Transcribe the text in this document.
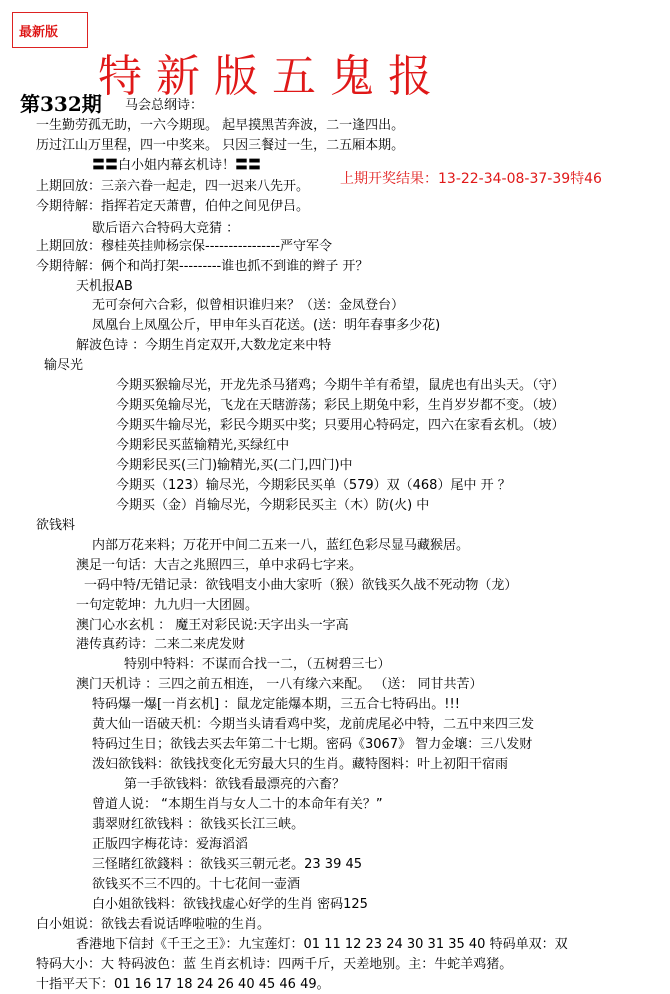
最新版
特新版五鬼报
第332期
上期开奖结果：13-22-34-08-37-39特46
马会总纲诗：
一生勤劳孤无助，一六今期现。 起早摸黑苦奔波，二一逢四出。
历过江山万里程，四一中奖来。 只因三餐过一生，二五厢本期。
〓〓白小姐内幕玄机诗！〓〓
上期回放：三亲六眷一起走，四一迟来八先开。
今期待解：指挥若定天萧曹，伯仲之间见伊吕。
歇后语六合特码大竞猜 ：
上期回放：穆桂英挂帅杨宗保----------------严守军令
今期待解：俩个和尚打架---------谁也抓不到谁的辫子 开？
天机报AB
无可奈何六合彩，似曾相识谁归来？（送：金凤登台）
凤凰台上凤凰公斤，甲申年头百花送。(送：明年春事多少花)
解波色诗 ：今期生肖定双开,大数龙定来中特
输尽光
今期买猴输尽光，开龙先杀马猪鸡；今期牛羊有希望，鼠虎也有出头天。（守）
今期买兔输尽光，飞龙在天瞎游荡；彩民上期兔中彩，生肖岁岁都不变。（坡）
今期买牛输尽光，彩民今期买中奖；只要用心特码定，四六在家看玄机。（坡）
今期彩民买蓝输精光,买绿红中
今期彩民买(三门)输精光,买(二门,四门)中
今期买（123）输尽光，今期彩民买单（579）双（468）尾中 开 ？
今期买（金）肖输尽光，今期彩民买主（木）防(火) 中
欲钱料
内部万花来料；万花开中间二五来一八，蓝红色彩尽显马藏猴居。
澳足一句话：大吉之兆照四三，单中求码七字来。
一码中特/无错记录：欲钱唱支小曲大家听（猴）欲钱买久战不死动物（龙）
一句定乾坤：九九归一大团圆。
澳门心水玄机 ： 魔王对彩民说:天字出头一字高
港传真药诗：二来二来虎发财
特别中特料：不谋而合找一二，（五树碧三七）
澳门天机诗 ：三四之前五相连， 一八有缘六来配。 （送： 同甘共苦）
特码爆一爆[一肖玄机] ：鼠龙定能爆本期，三五合七特码出。!!!
黄大仙一语破天机：今期当头请看鸡中奖，龙前虎尾必中特，二五中来四三发
特码过生日；欲钱去买去年第二十七期。密码《3067》 智力金壤：三八发财
泼妇欲钱料：欲钱找变化无穷最大只的生肖。藏特图料：叶上初阳干宿雨
第一手欲钱料：欲钱看最漂亮的六畜？
曾道人说： “本期生肖与女人二十的本命年有关？”
翡翠财红欲钱料 ：欲钱买长江三峡。
正版四字梅花诗：爱海滔滔
三怪睹红欲錢料 ：欲钱买三朝元老。23 39 45
欲钱买不三不四的。十七花间一壶酒
白小姐欲钱料：欲钱找虚心好学的生肖 密码125
白小姐说：欲钱去看说话哗啦啦的生肖。
香港地下信封《千王之王》：九宝莲灯：01 11 12 23 24 30 31 35 40 特码单双：双
特码大小：大 特码波色：蓝 生肖玄机诗：四两千斤，天差地别。主：牛蛇羊鸡猪。
十指平天下：01 16 17 18 24 26 40 45 46 49。
